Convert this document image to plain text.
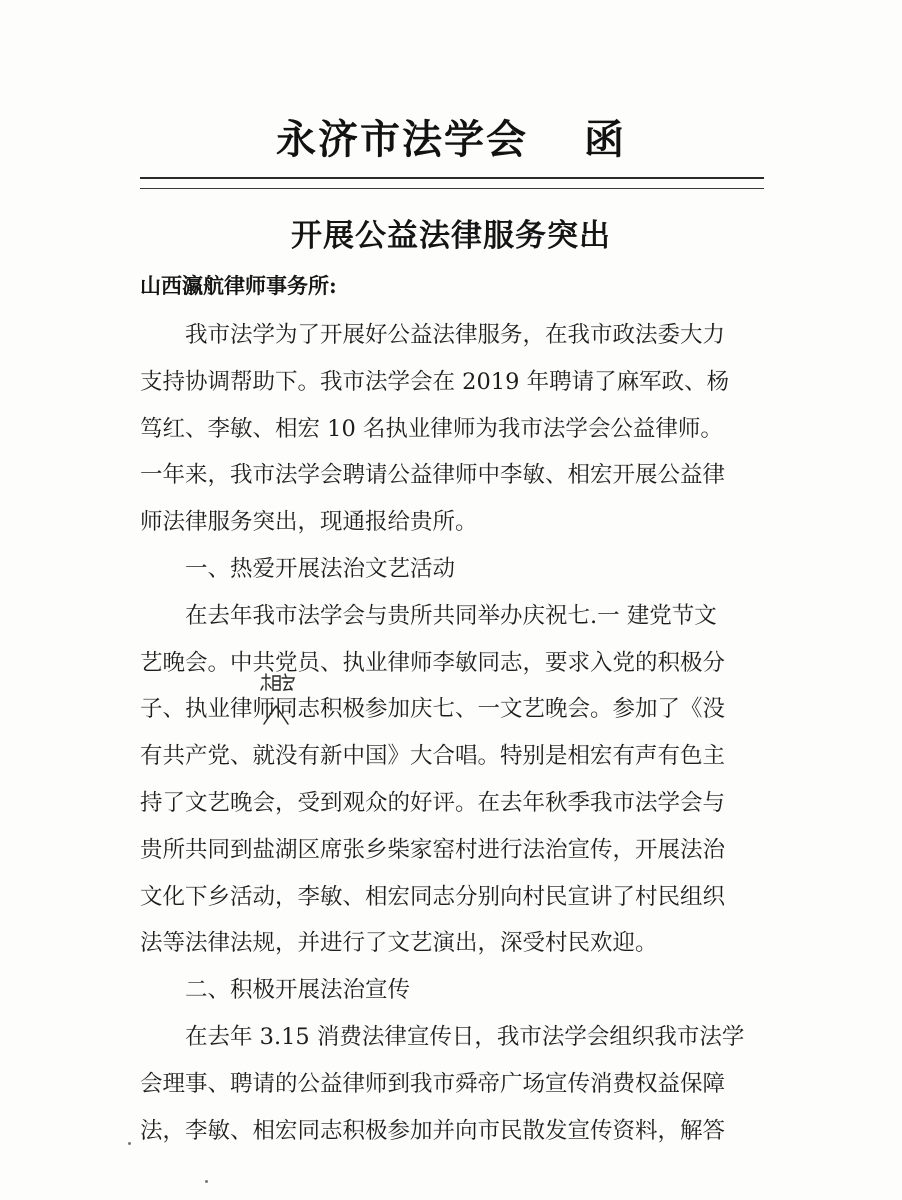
永济市法学会 函
开展公益法律服务突出
山西瀛航律师事务所:
我市法学为了开展好公益法律服务，在我市政法委大力
支持协调帮助下。我市法学会在 2019 年聘请了麻军政、杨
笃红、李敏、相宏 10 名执业律师为我市法学会公益律师。
一年来，我市法学会聘请公益律师中李敏、相宏开展公益律
师法律服务突出，现通报给贵所。
一、热爱开展法治文艺活动
在去年我市法学会与贵所共同举办庆祝七.一 建党节文
艺晚会。中共党员、执业律师李敏同志，要求入党的积极分
子、执业律师同志积极参加庆七、一文艺晚会。参加了《没
有共产党、就没有新中国》大合唱。特别是相宏有声有色主
持了文艺晚会，受到观众的好评。在去年秋季我市法学会与
贵所共同到盐湖区席张乡柴家窑村进行法治宣传，开展法治
文化下乡活动，李敏、相宏同志分别向村民宣讲了村民组织
法等法律法规，并进行了文艺演出，深受村民欢迎。
二、积极开展法治宣传
在去年 3.15 消费法律宣传日，我市法学会组织我市法学
会理事、聘请的公益律师到我市舜帝广场宣传消费权益保障
法，李敏、相宏同志积极参加并向市民散发宣传资料，解答
